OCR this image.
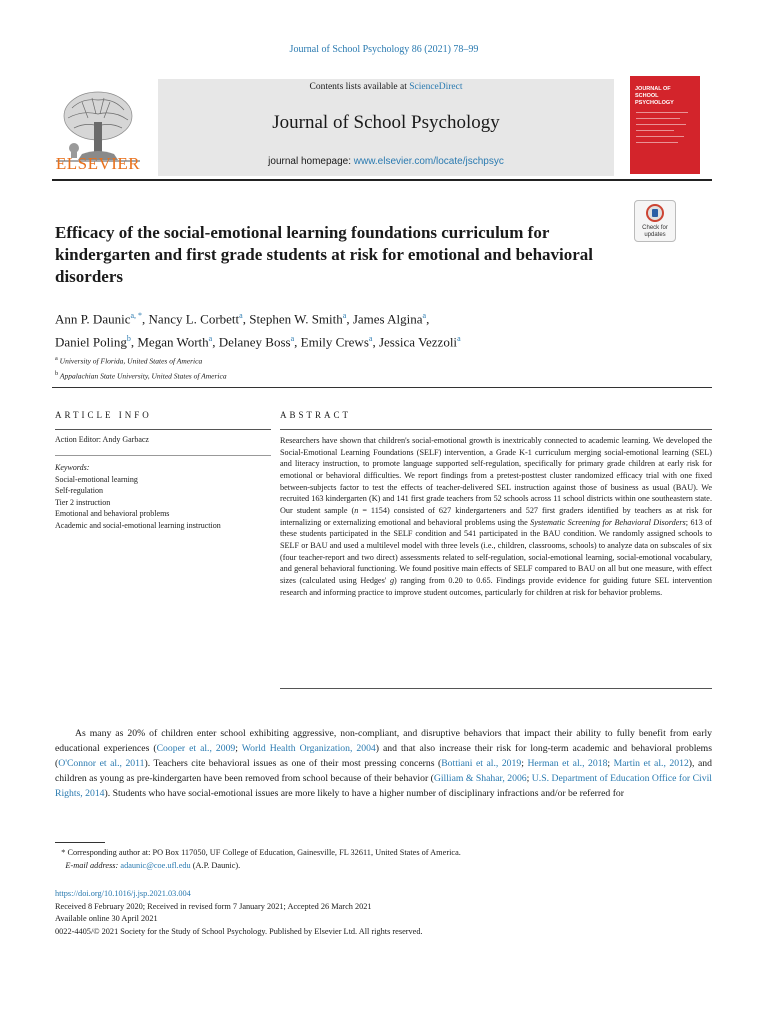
Journal of School Psychology 86 (2021) 78–99
ELSEVIER
Contents lists available at ScienceDirect
Journal of School Psychology
journal homepage: www.elsevier.com/locate/jschpsyc
JOURNAL OF SCHOOL PSYCHOLOGY
Efficacy of the social-emotional learning foundations curriculum for kindergarten and first grade students at risk for emotional and behavioral disorders
Check for updates
Ann P. Daunic$^{a, *}$, Nancy L. Corbett$^a$, Stephen W. Smith$^a$, James Algina$^a$,
Daniel Poling$^b$, Megan Worth$^a$, Delaney Boss$^a$, Emily Crews$^a$, Jessica Vezzoli$^a$
$^a$ University of Florida, United States of America
$^b$ Appalachian State University, United States of America
ARTICLE INFO
Action Editor: Andy Garbacz
Keywords:
Social-emotional learning
Self-regulation
Tier 2 instruction
Emotional and behavioral problems
Academic and social-emotional learning instruction
ABSTRACT
Researchers have shown that children's social-emotional growth is inextricably connected to academic learning. We developed the Social-Emotional Learning Foundations (SELF) intervention, a Grade K-1 curriculum merging social-emotional learning (SEL) and literacy instruction, to promote language supported self-regulation, specifically for primary grade children at early risk for emotional or behavioral difficulties. We report findings from a pretest-posttest cluster randomized efficacy trial with one fixed between-subjects factor to test the effects of teacher-delivered SEL instruction against those of business as usual (BAU). We recruited 163 kindergarten (K) and 141 first grade teachers from 52 schools across 11 school districts within one southeastern state. Our student sample (n = 1154) consisted of 627 kindergarteners and 527 first graders identified by teachers as at risk for internalizing or externalizing emotional and behavioral problems using the Systematic Screening for Behavioral Disorders; 613 of these students participated in the SELF condition and 541 participated in the BAU condition. We randomly assigned schools to SELF or BAU and used a multilevel model with three levels (i.e., children, classrooms, schools) to analyze data on subscales of six (four teacher-report and two direct) assessments related to self-regulation, social-emotional learning, social-emotional vocabulary, and general behavioral functioning. We found positive main effects of SELF compared to BAU on all but one measure, with effect sizes (calculated using Hedges' g) ranging from 0.20 to 0.65. Findings provide evidence for guiding future SEL intervention research and informing practice to improve student outcomes, particularly for children at risk for behavior problems.
As many as 20% of children enter school exhibiting aggressive, non-compliant, and disruptive behaviors that impact their ability to fully benefit from early educational experiences (Cooper et al., 2009; World Health Organization, 2004) and that also increase their risk for long-term academic and behavioral problems (O'Connor et al., 2011). Teachers cite behavioral issues as one of their most pressing concerns (Bottiani et al., 2019; Herman et al., 2018; Martin et al., 2012), and children as young as pre-kindergarten have been removed from school because of their behavior (Gilliam & Shahar, 2006; U.S. Department of Education Office for Civil Rights, 2014). Students who have social-emotional issues are more likely to have a higher number of disciplinary infractions and/or be referred for
* Corresponding author at: PO Box 117050, UF College of Education, Gainesville, FL 32611, United States of America.
E-mail address: adaunic@coe.ufl.edu (A.P. Daunic).
https://doi.org/10.1016/j.jsp.2021.03.004
Received 8 February 2020; Received in revised form 7 January 2021; Accepted 26 March 2021
Available online 30 April 2021
0022-4405/© 2021 Society for the Study of School Psychology. Published by Elsevier Ltd. All rights reserved.
